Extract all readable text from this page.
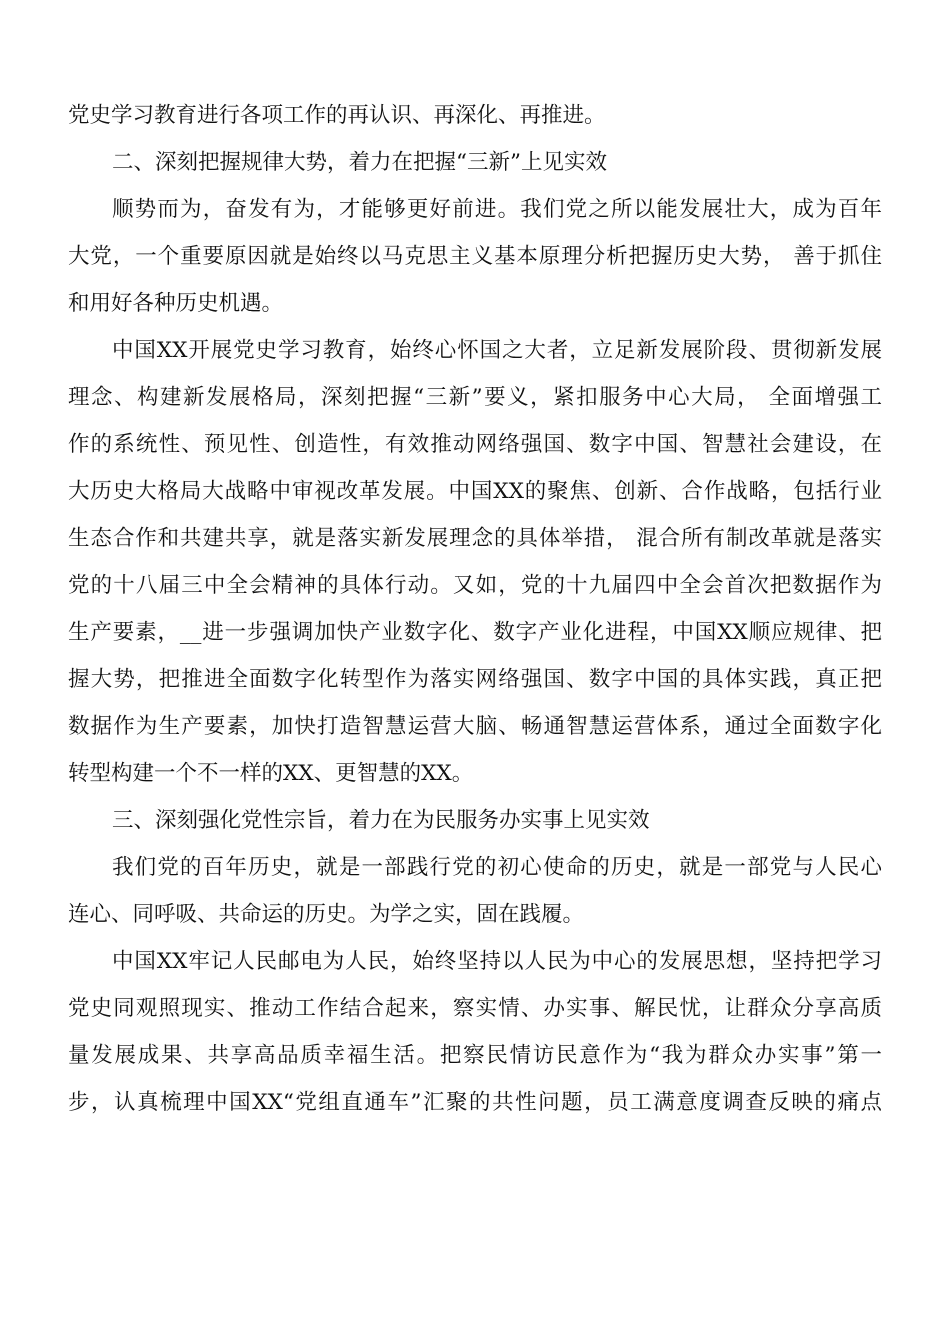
党史学习教育进行各项工作的再认识、再深化、再推进。
二、深刻把握规律大势，着力在把握“三新”上见实效
顺势而为，奋发有为，才能够更好前进。我们党之所以能发展壮大，成为百年
大党，一个重要原因就是始终以马克思主义基本原理分析把握历史大势， 善于抓住
和用好各种历史机遇。
中国XX开展党史学习教育，始终心怀国之大者，立足新发展阶段、贯彻新发展
理念、构建新发展格局，深刻把握“三新”要义，紧扣服务中心大局， 全面增强工
作的系统性、预见性、创造性，有效推动网络强国、数字中国、智慧社会建设，在
大历史大格局大战略中审视改革发展。中国XX的聚焦、创新、合作战略，包括行业
生态合作和共建共享，就是落实新发展理念的具体举措， 混合所有制改革就是落实
党的十八届三中全会精神的具体行动。又如，党的十九届四中全会首次把数据作为
生产要素，__进一步强调加快产业数字化、数字产业化进程，中国XX顺应规律、把
握大势，把推进全面数字化转型作为落实网络强国、数字中国的具体实践，真正把
数据作为生产要素，加快打造智慧运营大脑、畅通智慧运营体系，通过全面数字化
转型构建一个不一样的XX、更智慧的XX。
三、深刻强化党性宗旨，着力在为民服务办实事上见实效
我们党的百年历史，就是一部践行党的初心使命的历史，就是一部党与人民心
连心、同呼吸、共命运的历史。为学之实，固在践履。
中国XX牢记人民邮电为人民，始终坚持以人民为中心的发展思想，坚持把学习
党史同观照现实、推动工作结合起来，察实情、办实事、解民忧，让群众分享高质
量发展成果、共享高品质幸福生活。把察民情访民意作为“我为群众办实事”第一
步，认真梳理中国XX“党组直通车”汇聚的共性问题，员工满意度调查反映的痛点
